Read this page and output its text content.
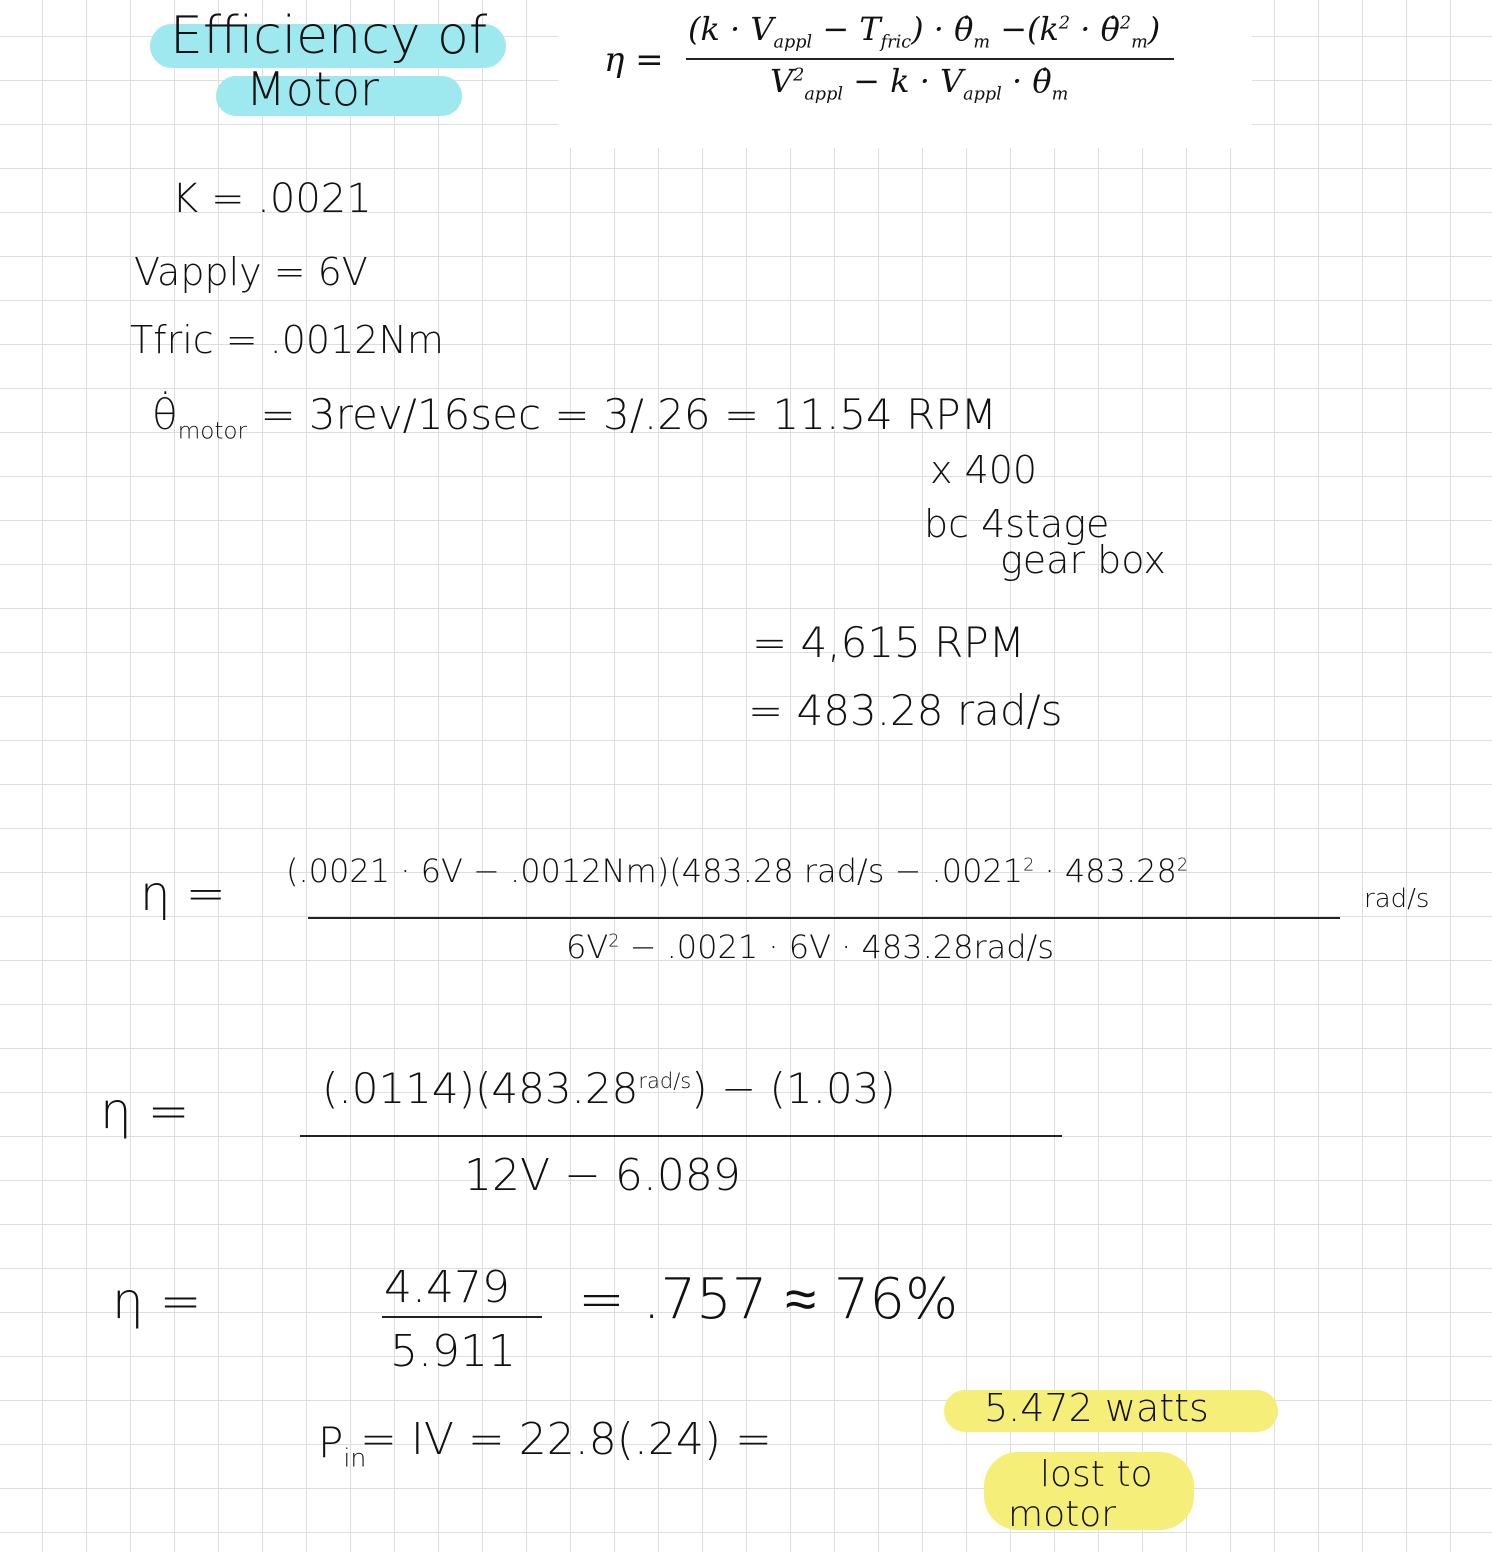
Efficiency of
Motor
η =
$(k \cdot V_{appl} - T_{fric})$ · $\thetȧ_m -(k^2$ · θ̇$^2_m$)
$V^2_{appl} - k \cdot V_{appl}$ · $\thetȧ_m$
K = .0021
Vapply = 6V
Tfric = .0012Nm
$\thetȧ_{motor} = 3rev/16\sec = 3/.26 = 11.54$ RPM
x 400
bc 4stage
gear box
= 4,615 RPM
= 483.28 rad/s
η = (.0021 · 6V − .0012Nm)(483.28 $rad/s - .0021^2 \cdot 483.28^2$
rad/s
$6V^2 - .0021 \cdot 6V \cdot 483.28rad/s$
η =	$(.0114)(483.28^{rad/s}) - (1.03)$
12V − 6.089
η =	4.479
5.911
= .757 ≈ 76%
$P_{in}$
= IV = 22.8(.24) =
5.472 watts
lost to
motor
